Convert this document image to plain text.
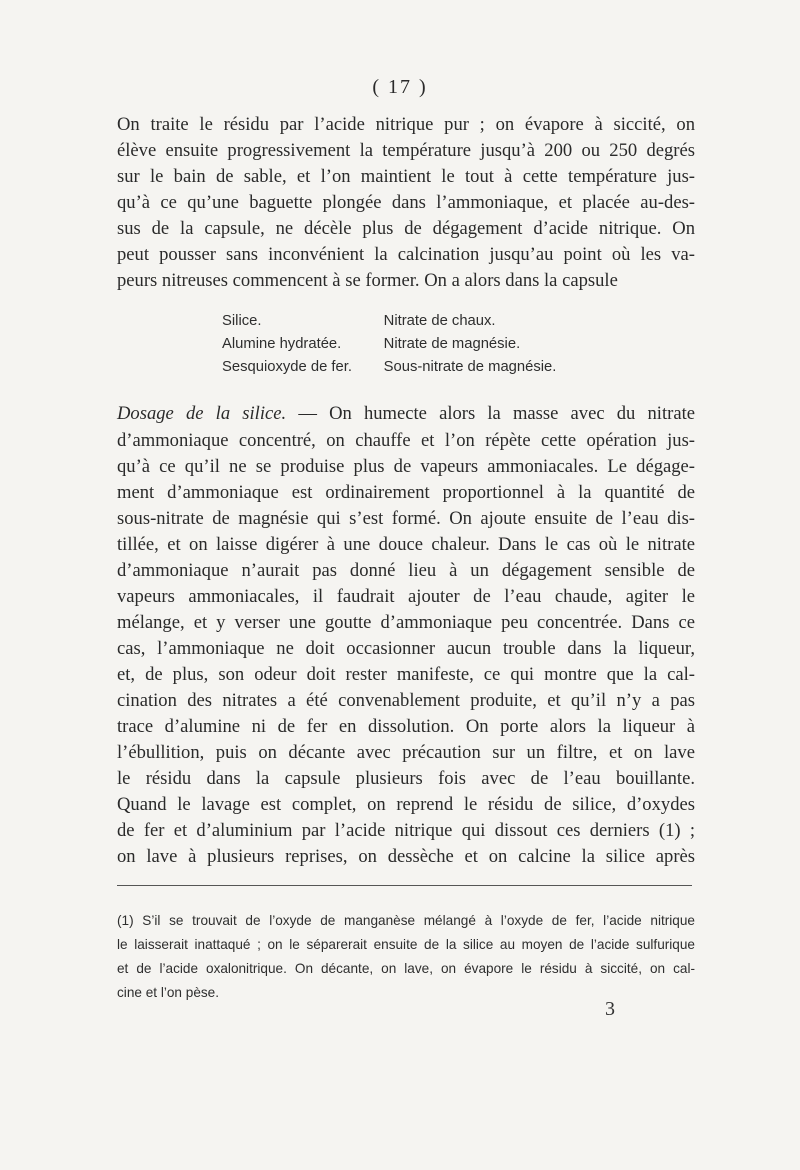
( 17 )
On traite le résidu par l’acide nitrique pur ; on évapore à siccité, on
élève ensuite progressivement la température jusqu’à 200 ou 250 degrés
sur le bain de sable, et l’on maintient le tout à cette température jus-
qu’à ce qu’une baguette plongée dans l’ammoniaque, et placée au-des-
sus de la capsule, ne décèle plus de dégagement d’acide nitrique. On
peut pousser sans inconvénient la calcination jusqu’au point où les va-
peurs nitreuses commencent à se former. On a alors dans la capsule
Silice.	Nitrate de chaux.
Alumine hydratée.	Nitrate de magnésie.
Sesquioxyde de fer.	Sous-nitrate de magnésie.
Dosage de la silice. — On humecte alors la masse avec du nitrate
d’ammoniaque concentré, on chauffe et l’on répète cette opération jus-
qu’à ce qu’il ne se produise plus de vapeurs ammoniacales. Le dégage-
ment d’ammoniaque est ordinairement proportionnel à la quantité de
sous-nitrate de magnésie qui s’est formé. On ajoute ensuite de l’eau dis-
tillée, et on laisse digérer à une douce chaleur. Dans le cas où le nitrate
d’ammoniaque n’aurait pas donné lieu à un dégagement sensible de
vapeurs ammoniacales, il faudrait ajouter de l’eau chaude, agiter le
mélange, et y verser une goutte d’ammoniaque peu concentrée. Dans ce
cas, l’ammoniaque ne doit occasionner aucun trouble dans la liqueur,
et, de plus, son odeur doit rester manifeste, ce qui montre que la cal-
cination des nitrates a été convenablement produite, et qu’il n’y a pas
trace d’alumine ni de fer en dissolution. On porte alors la liqueur à
l’ébullition, puis on décante avec précaution sur un filtre, et on lave
le résidu dans la capsule plusieurs fois avec de l’eau bouillante.
Quand le lavage est complet, on reprend le résidu de silice, d’oxydes
de fer et d’aluminium par l’acide nitrique qui dissout ces derniers (1) ;
on lave à plusieurs reprises, on dessèche et on calcine la silice après
(1) S’il se trouvait de l’oxyde de manganèse mélangé à l’oxyde de fer, l’acide nitrique
le laisserait inattaqué ; on le séparerait ensuite de la silice au moyen de l’acide sulfurique
et de l’acide oxalonitrique. On décante, on lave, on évapore le résidu à siccité, on cal-
cine et l’on pèse.
3
